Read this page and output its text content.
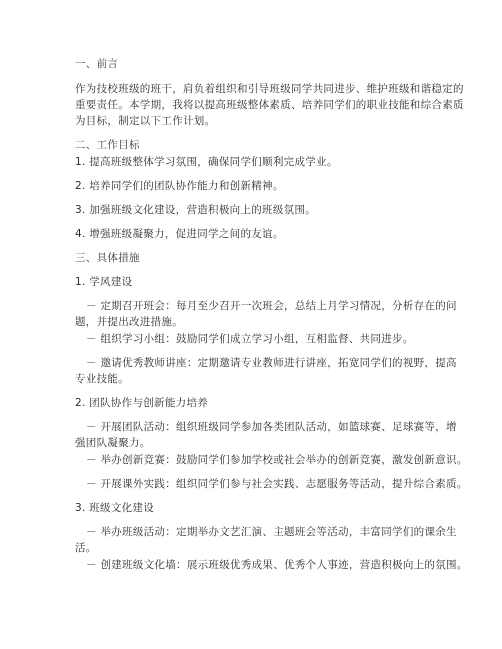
一、前言
作为技校班级的班干，肩负着组织和引导班级同学共同进步、维护班级和谐稳定的
重要责任。本学期，我将以提高班级整体素质、培养同学们的职业技能和综合素质
为目标，制定以下工作计划。
二、工作目标
1. 提高班级整体学习氛围，确保同学们顺利完成学业。
2. 培养同学们的团队协作能力和创新精神。
3. 加强班级文化建设，营造积极向上的班级氛围。
4. 增强班级凝聚力，促进同学之间的友谊。
三、具体措施
1. 学风建设
－ 定期召开班会：每月至少召开一次班会，总结上月学习情况，分析存在的问
题，并提出改进措施。
－ 组织学习小组：鼓励同学们成立学习小组，互相监督、共同进步。
－ 邀请优秀教师讲座：定期邀请专业教师进行讲座，拓宽同学们的视野，提高
专业技能。
2. 团队协作与创新能力培养
－ 开展团队活动：组织班级同学参加各类团队活动，如篮球赛、足球赛等，增
强团队凝聚力。
－ 举办创新竞赛：鼓励同学们参加学校或社会举办的创新竞赛，激发创新意识。
－ 开展课外实践：组织同学们参与社会实践、志愿服务等活动，提升综合素质。
3. 班级文化建设
－ 举办班级活动：定期举办文艺汇演、主题班会等活动，丰富同学们的课余生
活。
－ 创建班级文化墙：展示班级优秀成果、优秀个人事迹，营造积极向上的氛围。
